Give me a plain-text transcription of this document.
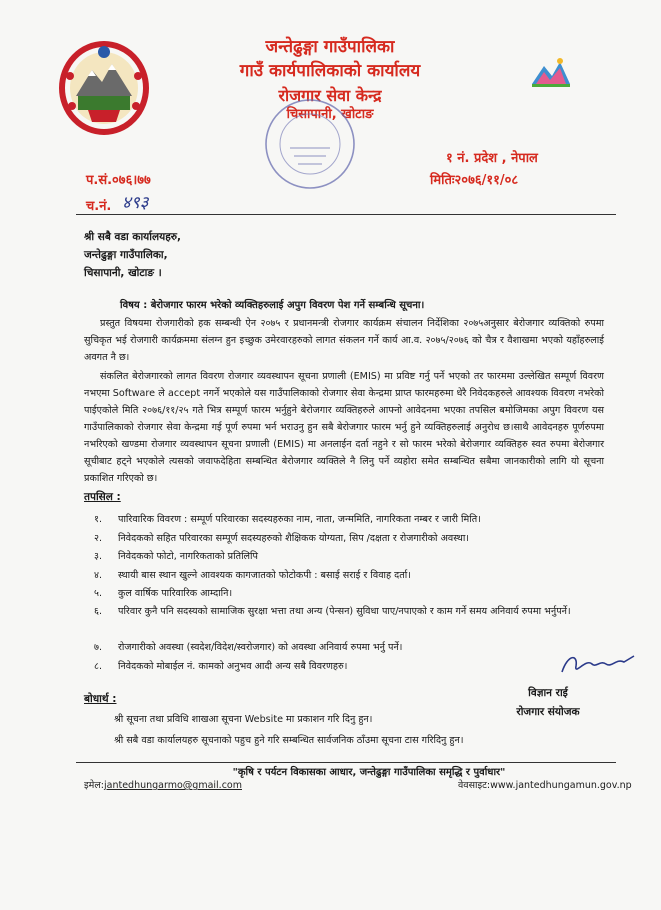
जन्तेढुङ्गा गाउँपालिका
गाउँ कार्यपालिकाको कार्यालय
रोजगार सेवा केन्द्र
चिसापानी, खोटाङ
१ नं. प्रदेश , नेपाल
मितिः२०७६/११/०८
प.सं.०७६।७७
च.नं. ४९३
श्री सबै वडा कार्यालयहरु,
जन्तेढुङ्गा गाउँपालिका,
चिसापानी, खोटाङ ।
विषय : बेरोजगार फारम भरेको व्यक्तिहरुलाई अपुग विवरण पेश गर्ने सम्बन्धि सूचना।
प्रस्तुत विषयमा रोजगारीको हक सम्बन्धी ऐन २०७५ र प्रधानमन्त्री रोजगार कार्यक्रम संचालन निर्देशिका २०७५अनुसार बेरोजगार व्यक्तिको रुपमा सुचिकृत भई रोजगारी कार्यक्रममा संलग्न हुन इच्छुक उमेरवारहरुको लागत संकलन गर्ने कार्य आ.व. २०७५/२०७६ को चैत्र र वैशाखमा भएको यहाँहरुलाई अवगत नै छ।
संकलित बेरोजगारको लागत विवरण रोजगार व्यवस्थापन सूचना प्रणाली (EMIS) मा प्रविष्ट गर्नु पर्ने भएको तर फारममा उल्लेखित सम्पूर्ण विवरण नभएमा Software ले accept नगर्ने भएकोले यस गाउँपालिकाको रोजगार सेवा केन्द्रमा प्राप्त फारमहरुमा धेरै निवेदकहरुले आवश्यक विवरण नभरेको पाईएकोले मिति २०७६/११/२५ गते भित्र सम्पूर्ण फारम भर्नुहुने बेरोजगार व्यक्तिहरुले आफ्नो आवेदनमा भएका तपसिल बमोजिमका अपुग विवरण यस गाउँपालिकाको रोजगार सेवा केन्द्रमा गई पूर्ण रुपमा भर्न भराउनु हुन सबै बेरोजगार फारम भर्नु हुने व्यक्तिहरुलाई अनुरोध छ।साथै आवेदनहरु पूर्णरुपमा नभरिएको खण्डमा रोजगार व्यवस्थापन सूचना प्रणाली (EMIS) मा अनलाईन दर्ता नहुने र सो फारम भरेको बेरोजगार व्यक्तिहरु स्वत रुपमा बेरोजगार सूचीबाट हट्ने भएकोले त्यसको जवाफदेहिता सम्बन्धित बेरोजगार व्यक्तिले नै लिनु पर्ने व्यहोरा समेत सम्बन्धित सबैमा जानकारीको लागि यो सूचना प्रकाशित गरिएको छ।
तपसिल :
१. पारिवारिक विवरण : सम्पूर्ण परिवारका सदस्यहरुका नाम, नाता, जन्ममिति, नागरिकता नम्बर र जारी मिति।
२. निवेदकको सहित परिवारका सम्पूर्ण सदस्यहरुको शैक्षिकक योग्यता, सिप /दक्षता र रोजगारीको अवस्था।
३. निवेदकको फोटो, नागरिकताको प्रतिलिपि
४. स्थायी बास स्थान खुल्ने आवश्यक कागजातको फोटोकपी : बसाई सराई र विवाह दर्ता।
५. कुल वार्षिक पारिवारिक आम्दानि।
६. परिवार कुनै पनि सदस्यको सामाजिक सुरक्षा भत्ता तथा अन्य (पेन्सन) सुविधा पाए/नपाएको र काम गर्ने समय अनिवार्य रुपमा भर्नुपर्ने।
७. रोजगारीको अवस्था (स्वदेश/विदेश/स्वरोजगार) को अवस्था अनिवार्य रुपमा भर्नु पर्ने।
८. निवेदकको मोबाईल नं. कामको अनुभव आदी अन्य सबै विवरणहरु।
विज्ञान राई
रोजगार संयोजक
बोधार्थ :
श्री सूचना तथा प्रविधि शाखआ सूचना Website मा प्रकाशन गरि दिनु हुन।
श्री सबै वडा कार्यालयहरु सूचनाको पहुच हुने गरि सम्बन्धित सार्वजनिक ठाँउमा सूचना टास गरिदिनु हुन।
"कृषि र पर्यटन विकासका आधार, जन्तेढुङ्गा गाउँपालिका समृद्धि र पुर्वाधार"
इमेल:jantedhungarmo@gmail.com	वेवसाइट:www.jantedhungamun.gov.np
